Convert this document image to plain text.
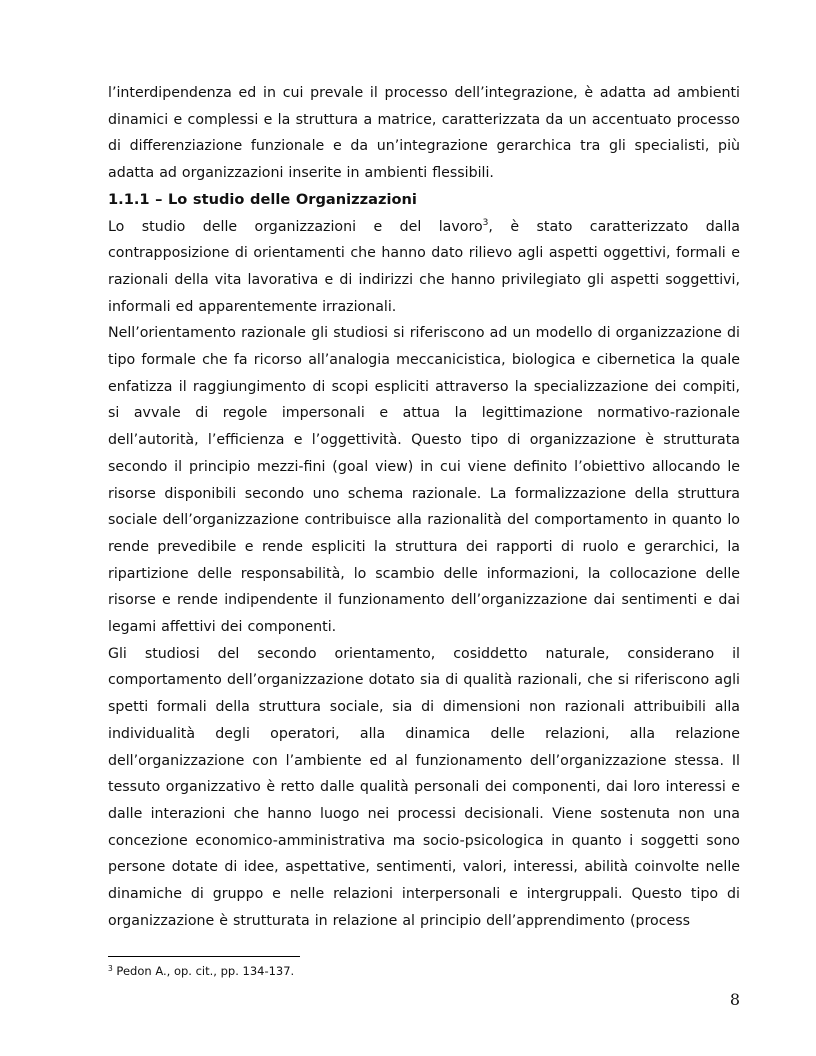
l’interdipendenza ed in cui prevale il processo dell’integrazione, è adatta ad ambienti dinamici e complessi e la struttura a matrice, caratterizzata da un accentuato processo di differenziazione funzionale e da un’integrazione gerarchica tra gli specialisti, più adatta ad organizzazioni inserite in ambienti flessibili.

1.1.1 – Lo studio delle Organizzazioni

Lo studio delle organizzazioni e del lavoro$^3$, è stato caratterizzato dalla contrapposizione di orientamenti che hanno dato rilievo agli aspetti oggettivi, formali e razionali della vita lavorativa e di indirizzi che hanno privilegiato gli aspetti soggettivi, informali ed apparentemente irrazionali.

Nell’orientamento razionale gli studiosi si riferiscono ad un modello di organizzazione di tipo formale che fa ricorso all’analogia meccanicistica, biologica e cibernetica la quale enfatizza il raggiungimento di scopi espliciti attraverso la specializzazione dei compiti, si avvale di regole impersonali e attua la legittimazione normativo-razionale dell’autorità, l’efficienza e l’oggettività. Questo tipo di organizzazione è strutturata secondo il principio mezzi-fini (goal view) in cui viene definito l’obiettivo allocando le risorse disponibili secondo uno schema razionale. La formalizzazione della struttura sociale dell’organizzazione contribuisce alla razionalità del comportamento in quanto lo rende prevedibile e rende espliciti la struttura dei rapporti di ruolo e gerarchici, la ripartizione delle responsabilità, lo scambio delle informazioni, la collocazione delle risorse e rende indipendente il funzionamento dell’organizzazione dai sentimenti e dai legami affettivi dei componenti.

Gli studiosi del secondo orientamento, cosiddetto naturale, considerano il comportamento dell’organizzazione dotato sia di qualità razionali, che si riferiscono agli spetti formali della struttura sociale, sia di dimensioni non razionali attribuibili alla individualità degli operatori, alla dinamica delle relazioni, alla relazione dell’organizzazione con l’ambiente ed al funzionamento dell’organizzazione stessa. Il tessuto organizzativo è retto dalle qualità personali dei componenti, dai loro interessi e dalle interazioni che hanno luogo nei processi decisionali. Viene sostenuta non una concezione economico-amministrativa ma socio-psicologica in quanto i soggetti sono persone dotate di idee, aspettative, sentimenti, valori, interessi, abilità coinvolte nelle dinamiche di gruppo e nelle relazioni interpersonali e intergruppali. Questo tipo di organizzazione è strutturata in relazione al principio dell’apprendimento (process

$^3$ Pedon A., op. cit., pp. 134-137.
8
